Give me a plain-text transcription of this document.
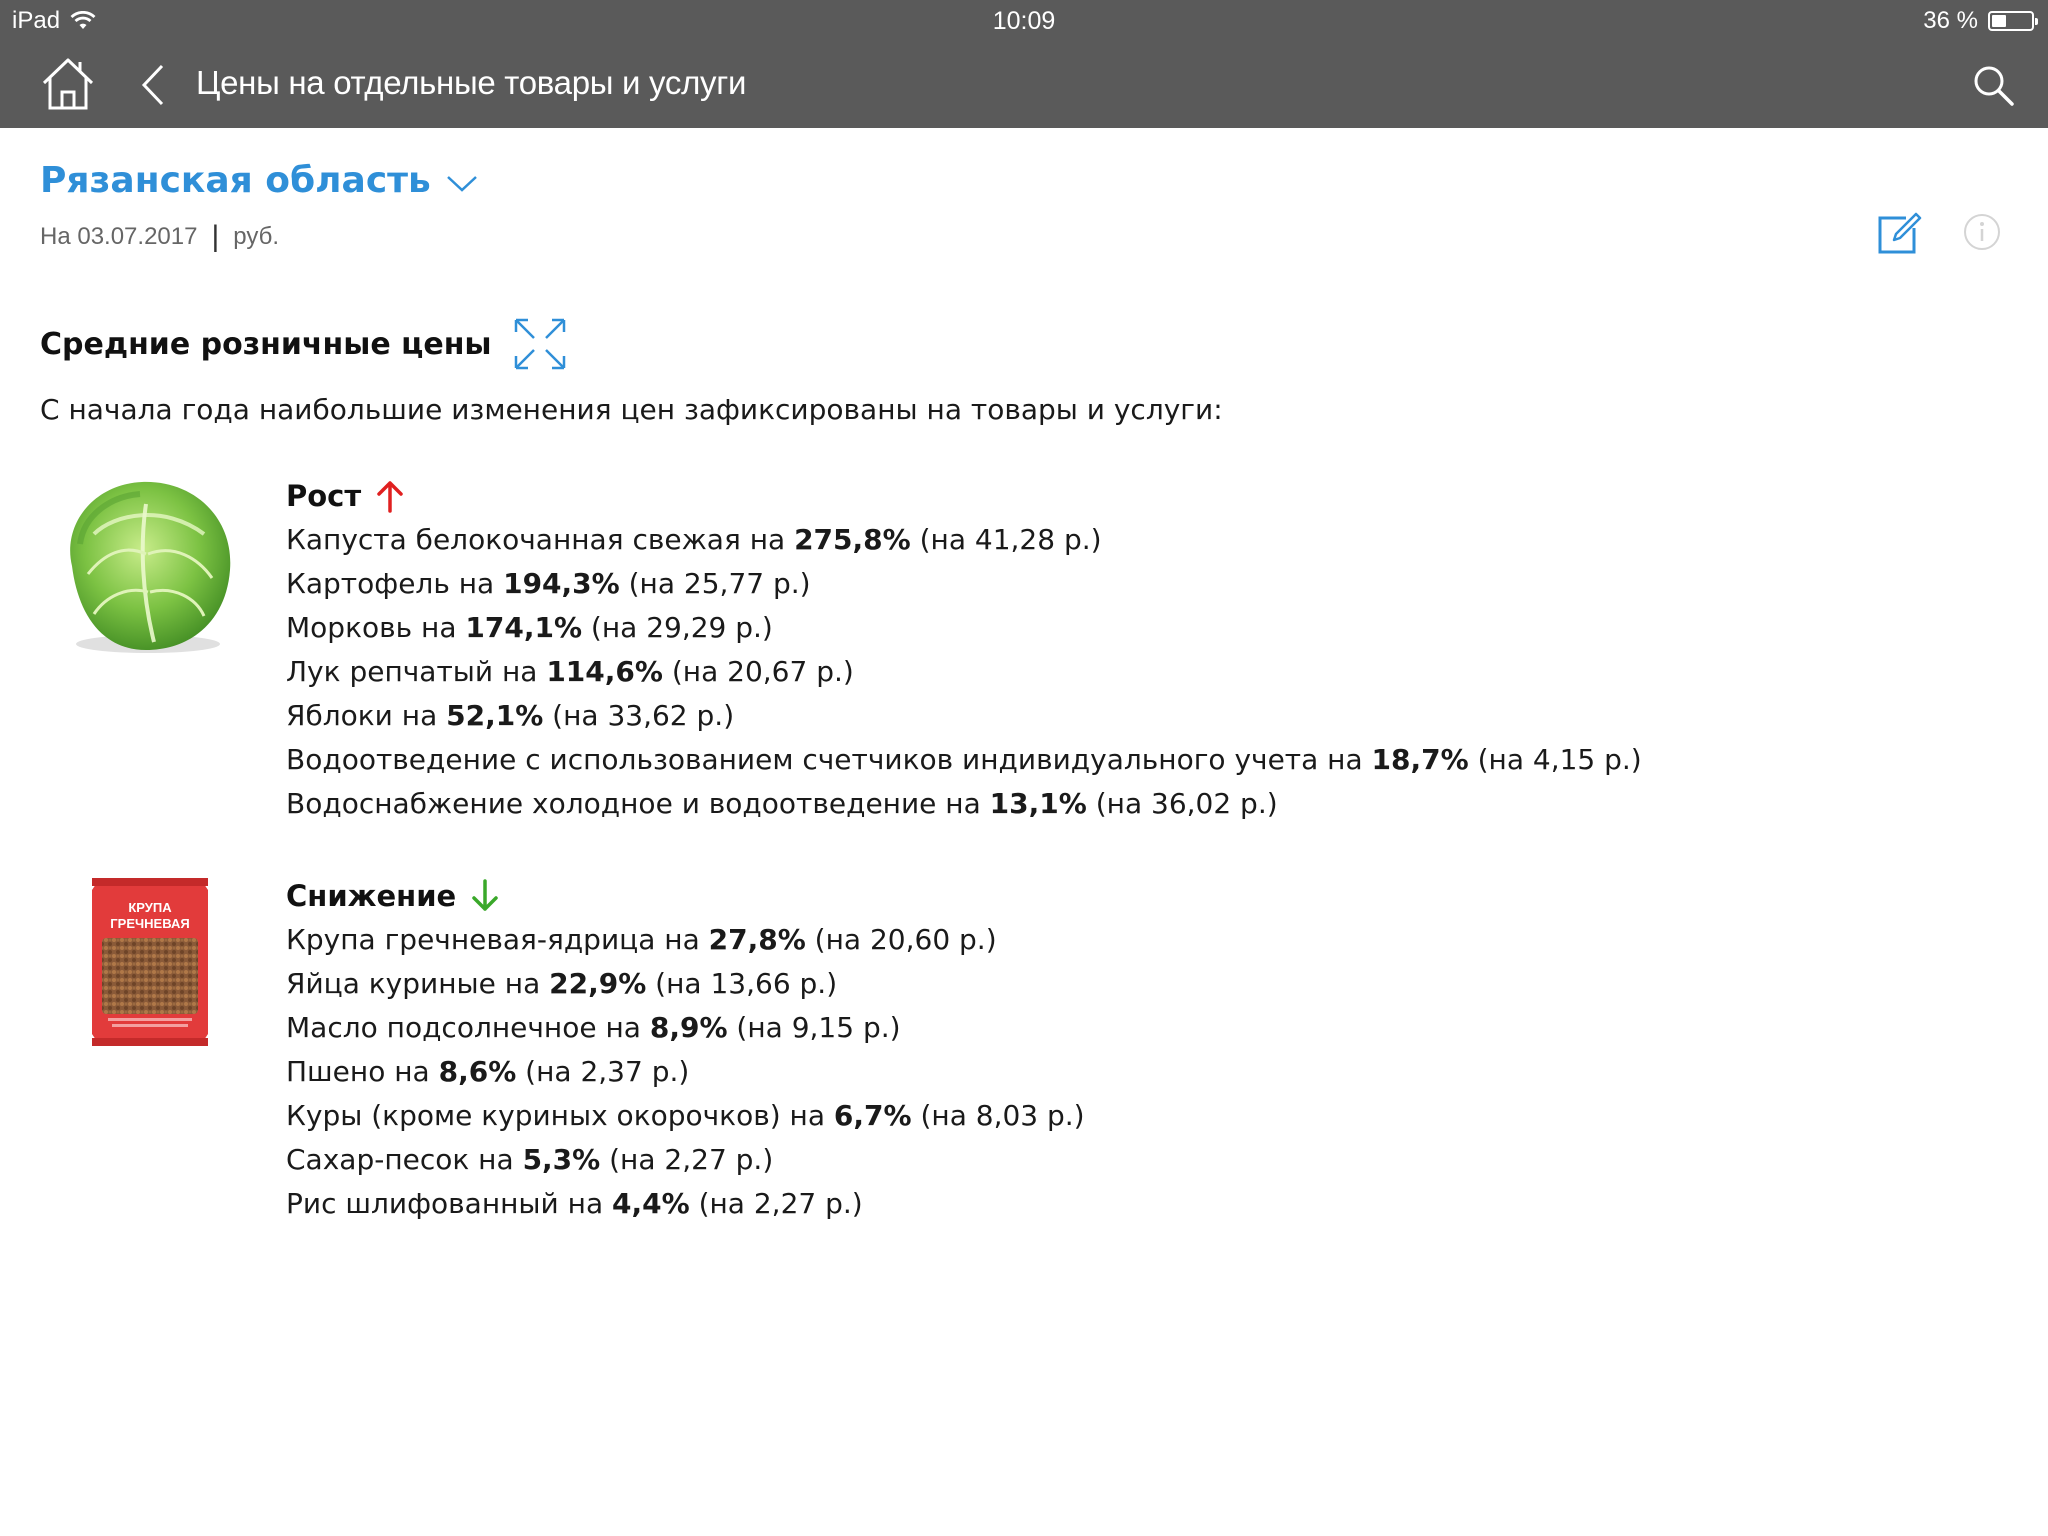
iPad	10:09	36 %
Цены на отдельные товары и услуги
Рязанская область
На 03.07.2017 | руб.
Средние розничные цены
С начала года наибольшие изменения цен зафиксированы на товары и услуги:
Рост
Капуста белокочанная свежая на 275,8% (на 41,28 р.)
Картофель на 194,3% (на 25,77 р.)
Морковь на 174,1% (на 29,29 р.)
Лук репчатый на 114,6% (на 20,67 р.)
Яблоки на 52,1% (на 33,62 р.)
Водоотведение с использованием счетчиков индивидуального учета на 18,7% (на 4,15 р.)
Водоснабжение холодное и водоотведение на 13,1% (на 36,02 р.)
КРУПА
ГРЕЧНЕВАЯ
Снижение
Крупа гречневая-ядрица на 27,8% (на 20,60 р.)
Яйца куриные на 22,9% (на 13,66 р.)
Масло подсолнечное на 8,9% (на 9,15 р.)
Пшено на 8,6% (на 2,37 р.)
Куры (кроме куриных окорочков) на 6,7% (на 8,03 р.)
Сахар-песок на 5,3% (на 2,27 р.)
Рис шлифованный на 4,4% (на 2,27 р.)
